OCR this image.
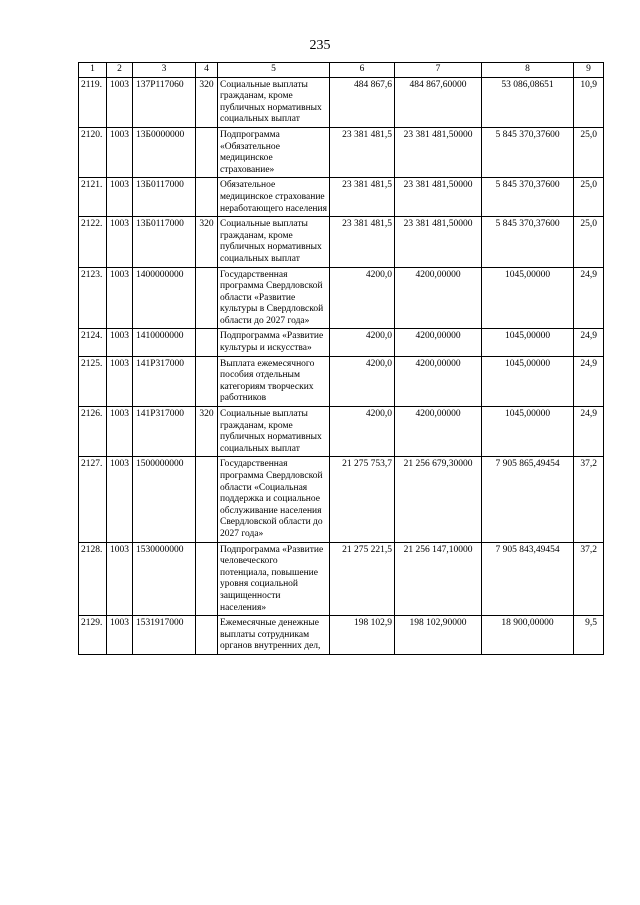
235
1	2	3	4	5	6	7	8	9
2119.	1003	137P117060	320	Социальные выплаты гражданам, кроме публичных нормативных социальных выплат	484 867,6	484 867,60000	53 086,08651	10,9
2120.	1003	13Б0000000		Подпрограмма «Обязательное медицинское страхование»	23 381 481,5	23 381 481,50000	5 845 370,37600	25,0
2121.	1003	13Б0117000		Обязательное медицинское страхование неработающего населения	23 381 481,5	23 381 481,50000	5 845 370,37600	25,0
2122.	1003	13Б0117000	320	Социальные выплаты гражданам, кроме публичных нормативных социальных выплат	23 381 481,5	23 381 481,50000	5 845 370,37600	25,0
2123.	1003	1400000000		Государственная программа Свердловской области «Развитие культуры в Свердловской области до 2027 года»	4200,0	4200,00000	1045,00000	24,9
2124.	1003	1410000000		Подпрограмма «Развитие культуры и искусства»	4200,0	4200,00000	1045,00000	24,9
2125.	1003	141P317000		Выплата ежемесячного пособия отдельным категориям творческих работников	4200,0	4200,00000	1045,00000	24,9
2126.	1003	141P317000	320	Социальные выплаты гражданам, кроме публичных нормативных социальных выплат	4200,0	4200,00000	1045,00000	24,9
2127.	1003	1500000000		Государственная программа Свердловской области «Социальная поддержка и социальное обслуживание населения Свердловской области до 2027 года»	21 275 753,7	21 256 679,30000	7 905 865,49454	37,2
2128.	1003	1530000000		Подпрограмма «Развитие человеческого потенциала, повышение уровня социальной защищенности населения»	21 275 221,5	21 256 147,10000	7 905 843,49454	37,2
2129.	1003	1531917000		Ежемесячные денежные выплаты сотрудникам органов внутренних дел,	198 102,9	198 102,90000	18 900,00000	9,5
